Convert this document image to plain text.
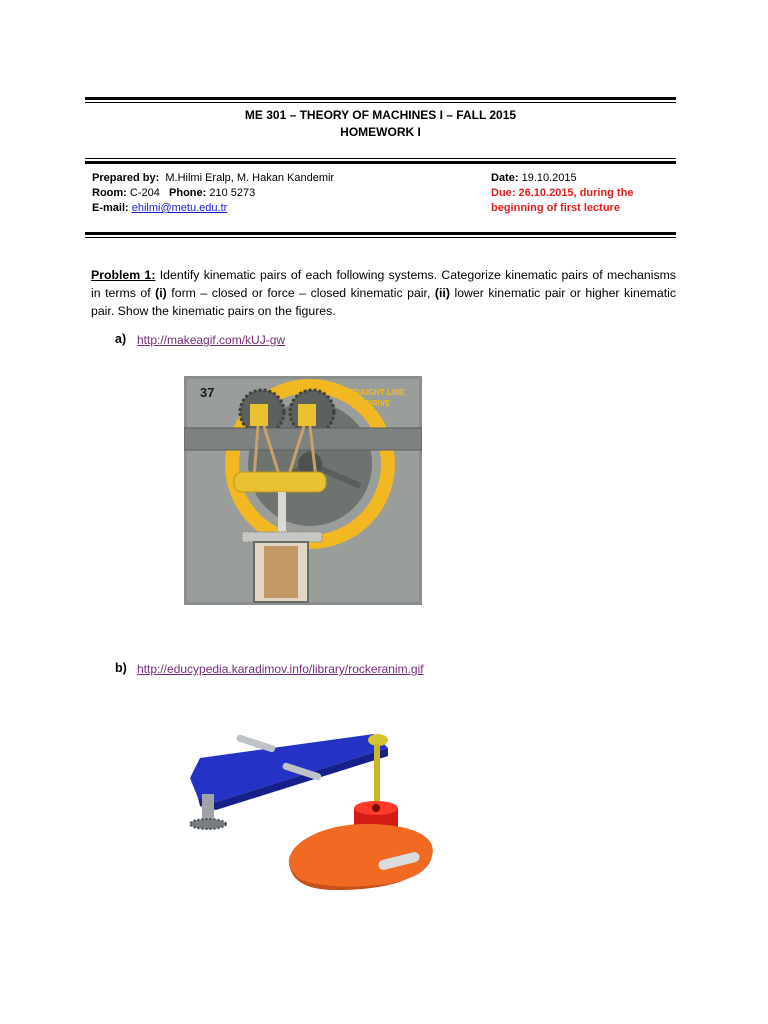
ME 301 – THEORY OF MACHINES I – FALL 2015
HOMEWORK I
Prepared by: M.Hilmi Eralp, M. Hakan Kandemir
Room: C-204 Phone: 210 5273
E-mail: ehilmi@metu.edu.tr
Date: 19.10.2015
Due: 26.10.2015, during the
beginning of first lecture
Problem 1: Identify kinematic pairs of each following systems. Categorize kinematic pairs of mechanisms in terms of (i) form – closed or force – closed kinematic pair, (ii) lower kinematic pair or higher kinematic pair. Show the kinematic pairs on the figures.
a) http://makeagif.com/kUJ-gw
37	STRAIGHT LINE
DRIVE
b) http://educypedia.karadimov.info/library/rockeranim.gif
